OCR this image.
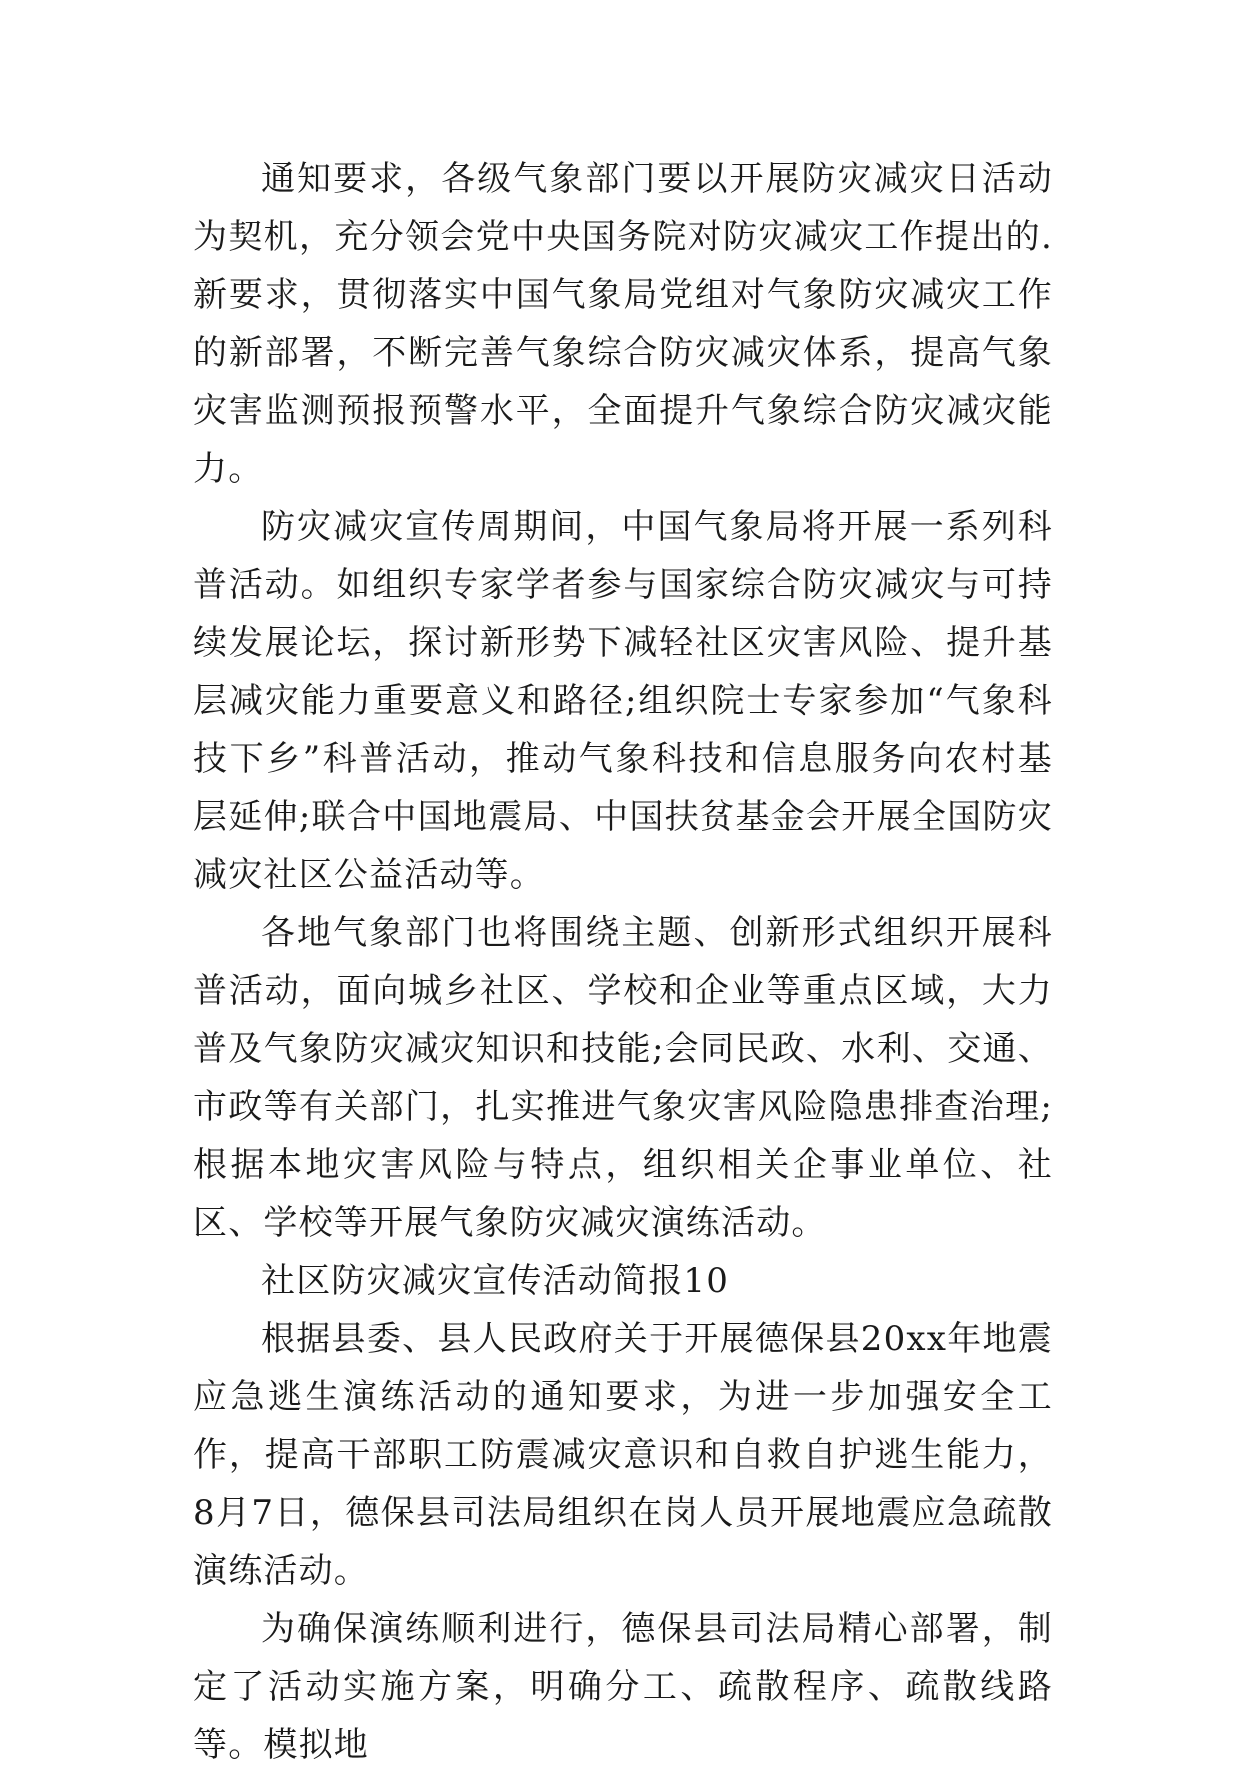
通知要求，各级气象部门要以开展防灾减灾日活动为契机，充分领会党中央国务院对防灾减灾工作提出的.新要求，贯彻落实中国气象局党组对气象防灾减灾工作的新部署，不断完善气象综合防灾减灾体系，提高气象灾害监测预报预警水平，全面提升气象综合防灾减灾能力。

防灾减灾宣传周期间，中国气象局将开展一系列科普活动。如组织专家学者参与国家综合防灾减灾与可持续发展论坛，探讨新形势下减轻社区灾害风险、提升基层减灾能力重要意义和路径;组织院士专家参加“气象科技下乡”科普活动，推动气象科技和信息服务向农村基层延伸;联合中国地震局、中国扶贫基金会开展全国防灾减灾社区公益活动等。

各地气象部门也将围绕主题、创新形式组织开展科普活动，面向城乡社区、学校和企业等重点区域，大力普及气象防灾减灾知识和技能;会同民政、水利、交通、市政等有关部门，扎实推进气象灾害风险隐患排查治理;根据本地灾害风险与特点，组织相关企事业单位、社区、学校等开展气象防灾减灾演练活动。

社区防灾减灾宣传活动简报10

根据县委、县人民政府关于开展德保县20xx年地震应急逃生演练活动的通知要求，为进一步加强安全工作，提高干部职工防震减灾意识和自救自护逃生能力，8月7日，德保县司法局组织在岗人员开展地震应急疏散演练活动。

为确保演练顺利进行，德保县司法局精心部署，制定了活动实施方案，明确分工、疏散程序、疏散线路等。模拟地
